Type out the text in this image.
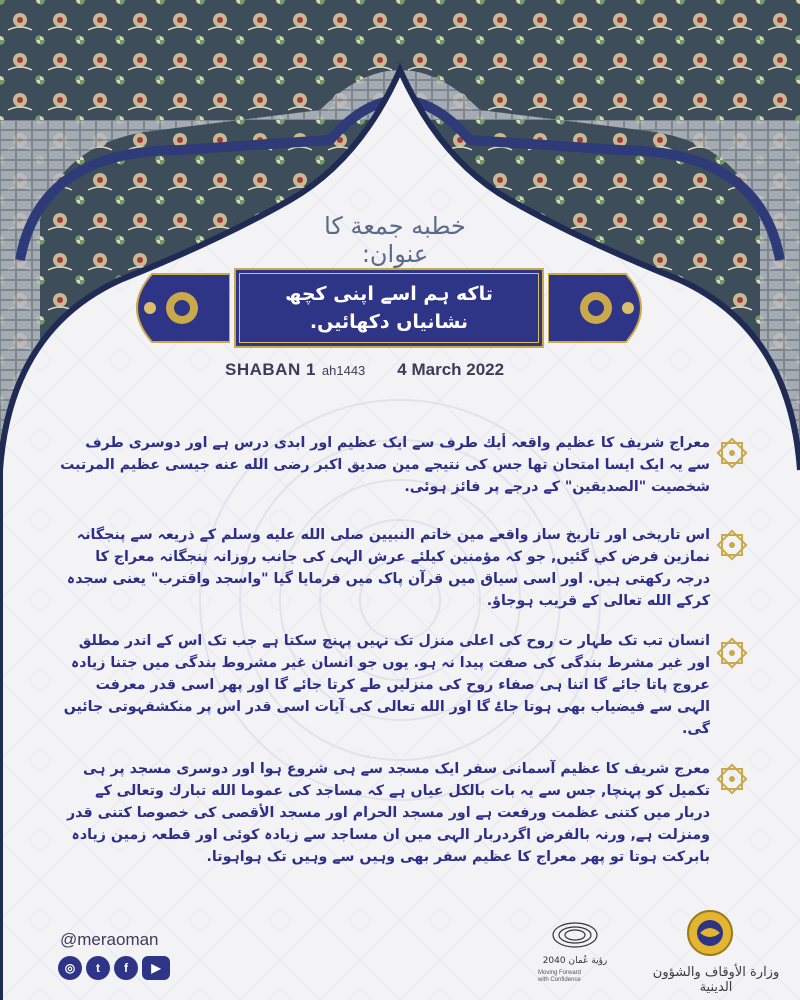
خطبه جمعة كا عنوان:
تاکه ہم اسے اپنی کچھ
نشانیاں دکھائیں.
SHABAN 1 ah1443 4 March 2022
معراج شریف کا عظیم واقعہ أيك طرف سے ایک عظیم اور ابدی درس ہے اور دوسری طرف سے یہ ایک ایسا امتحان تھا جس کی نتیجے مین صدیق اکبر رضی الله عنه جیسی عظیم المرتبت شخصیت "الصدیقین" کے درجے پر فائز ہوئی.
اس تاریخی اور تاریخ ساز واقعے مین خاتم النبیین صلی الله عليه وسلم کے ذریعہ سے پنجگانہ نمازین فرض کي گئیں, جو کہ مؤمنین کیلئے عرش الہی کی جانب روزانہ پنجگانہ معراج کا درجہ رکھتی ہیں. اور اسی سیاق میں قرآن پاک میں فرمایا گیا "واسجد واقترب" یعنی سجدہ کرکے الله تعالى کے قریب ہوجاؤ.
انسان تب تک طہار ت روح کی اعلی منزل تک نہیں پہنچ سکتا ہے جب تک اس کے اندر مطلق اور غیر مشرط بندگی کی صفت پیدا نہ ہو. یوں جو انسان غیر مشروط بندگی میں جتنا زیادہ عروج پاتا جائے گا اتنا ہی صفاء روح کی منزلیں طے کرتا جائے گا اور پھر اسی قدر معرفت الہی سے فیضیاب بھی ہوتا جاۓ گا اور الله تعالى کی آیات اسی قدر اس پر منکشفہوتی جائیں گی.
معرج شریف کا عظیم آسمانی سفر ایک مسجد سے ہی شروع ہوا اور دوسری مسجد پر ہی تکمیل کو پہنچا, جس سے یہ بات بالکل عیاں ہے کہ مساجد کی عموما الله تبارك وتعالى کے دربار میں کتنی عظمت ورفعت ہے اور مسجد الحرام اور مسجد الأقصى کی خصوصا کتنی قدر ومنزلت ہے, ورنہ بالفرض اگردربار الہی میں ان مساجد سے زیادہ کوئی اور قطعہ زمین زیادہ بابرکت ہوتا تو پھر معراج کا عظیم سفر بھی وہیں سے وہیں تک ہواہوتا.
@meraoman
◎	t	f	▶	رؤية عُمان 2040
Moving Forward with Confidence	وزارة الأوقاف والشؤون الدينية
